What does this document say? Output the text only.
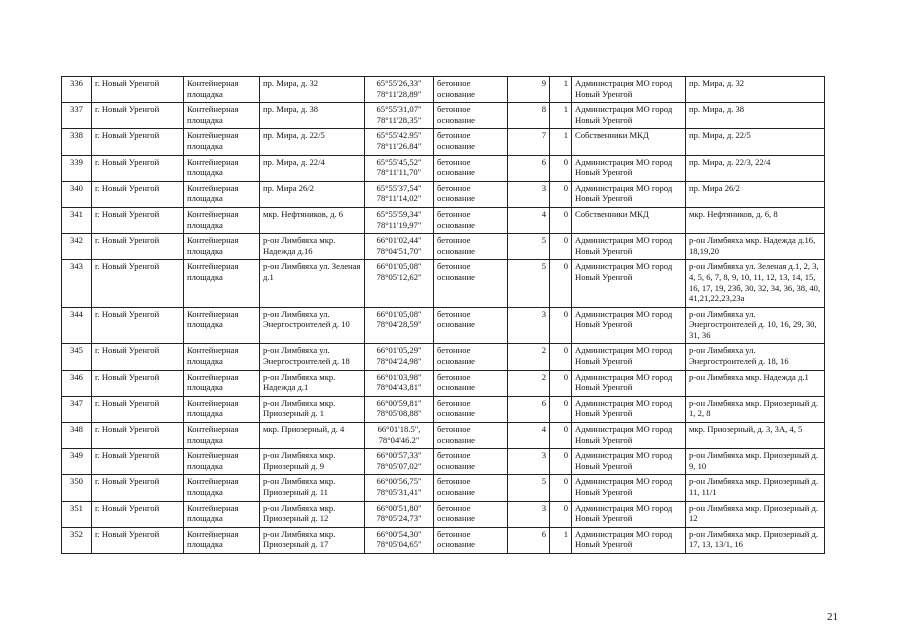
336	г. Новый Уренгой	Контейнерная площадка	пр. Мира, д. 32	65°55'26,33" 78°11'28,89"	бетонное основание	9	1	Администрация МО город Новый Уренгой	пр. Мира, д. 32
337	г. Новый Уренгой	Контейнерная площадка	пр. Мира, д. 38	65°55'31,07" 78°11'28,35"	бетонное основание	8	1	Администрация МО город Новый Уренгой	пр. Мира, д. 38
338	г. Новый Уренгой	Контейнерная площадка	пр. Мира, д. 22/5	65°55'42.95" 78°11'26.84"	бетонное основание	7	1	Собственники МКД	пр. Мира, д. 22/5
339	г. Новый Уренгой	Контейнерная площадка	пр. Мира, д. 22/4	65°55'45,52" 78°11'11,70"	бетонное основание	6	0	Администрация МО город Новый Уренгой	пр. Мира, д. 22/3, 22/4
340	г. Новый Уренгой	Контейнерная площадка	пр. Мира 26/2	65°55'37,54" 78°11'14,02"	бетонное основание	3	0	Администрация МО город Новый Уренгой	пр. Мира 26/2
341	г. Новый Уренгой	Контейнерная площадка	мкр. Нефтяников, д. 6	65°55'59,34" 78°11'19,97"	бетонное основание	4	0	Собственники МКД	мкр. Нефтяников, д. 6, 8
342	г. Новый Уренгой	Контейнерная площадка	р-он Лимбяяха мкр. Надежда д.16	66°01'02,44" 78°04'51,70"	бетонное основание	5	0	Администрация МО город Новый Уренгой	р-он Лимбяяха мкр. Надежда д.16, 18,19,20
343	г. Новый Уренгой	Контейнерная площадка	р-он Лимбяяха ул. Зеленая д.1	66°01'05,08" 78°05'12,62"	бетонное основание	5	0	Администрация МО город Новый Уренгой	р-он Лимбяяха ул. Зеленая д.1, 2, 3, 4, 5, 6, 7, 8, 9, 10, 11, 12, 13, 14, 15, 16, 17, 19, 23б, 30, 32, 34, 36, 38, 40, 41,21,22,23,23а
344	г. Новый Уренгой	Контейнерная площадка	р-он Лимбяяха ул. Энергостроителей д. 10	66°01'05,08" 78°04'28,59"	бетонное основание	3	0	Администрация МО город Новый Уренгой	р-он Лимбяяха ул. Энергостроителей д. 10, 16, 29, 30, 31, 36
345	г. Новый Уренгой	Контейнерная площадка	р-он Лимбяяха ул. Энергостроителей д. 18	66°01'05,29" 78°04'24,98"	бетонное основание	2	0	Администрация МО город Новый Уренгой	р-он Лимбяяха ул. Энергостроителей д. 18, 16
346	г. Новый Уренгой	Контейнерная площадка	р-он Лимбяяха мкр. Надежда д.1	66°01'03,98" 78°04'43,81"	бетонное основание	2	0	Администрация МО город Новый Уренгой	р-он Лимбяяха мкр. Надежда д.1
347	г. Новый Уренгой	Контейнерная площадка	р-он Лимбяяха мкр. Приозерный д. 1	66°00'59,81" 78°05'08,88"	бетонное основание	6	0	Администрация МО город Новый Уренгой	р-он Лимбяяха мкр. Приозерный д. 1, 2, 8
348	г. Новый Уренгой	Контейнерная площадка	мкр. Приозерный, д. 4	66°01'18.5", 78°04'46.2"	бетонное основание	4	0	Администрация МО город Новый Уренгой	мкр. Приозерный, д. 3, 3А, 4, 5
349	г. Новый Уренгой	Контейнерная площадка	р-он Лимбяяха мкр. Приозерный д. 9	66°00'57,33" 78°05'07,02"	бетонное основание	3	0	Администрация МО город Новый Уренгой	р-он Лимбяяха мкр. Приозерный д. 9, 10
350	г. Новый Уренгой	Контейнерная площадка	р-он Лимбяяха мкр. Приозерный д. 11	66°00'56,75" 78°05'31,41"	бетонное основание	5	0	Администрация МО город Новый Уренгой	р-он Лимбяяха мкр. Приозерный д. 11, 11/1
351	г. Новый Уренгой	Контейнерная площадка	р-он Лимбяяха мкр. Приозерный д. 12	66°00'51,80" 78°05'24,73"	бетонное основание	3	0	Администрация МО город Новый Уренгой	р-он Лимбяяха мкр. Приозерный д. 12
352	г. Новый Уренгой	Контейнерная площадка	р-он Лимбяяха мкр. Приозерный д. 17	66°00'54,30" 78°05'04,65"	бетонное основание	6	1	Администрация МО город Новый Уренгой	р-он Лимбяяха мкр. Приозерный д. 17, 13, 13/1, 16
21
